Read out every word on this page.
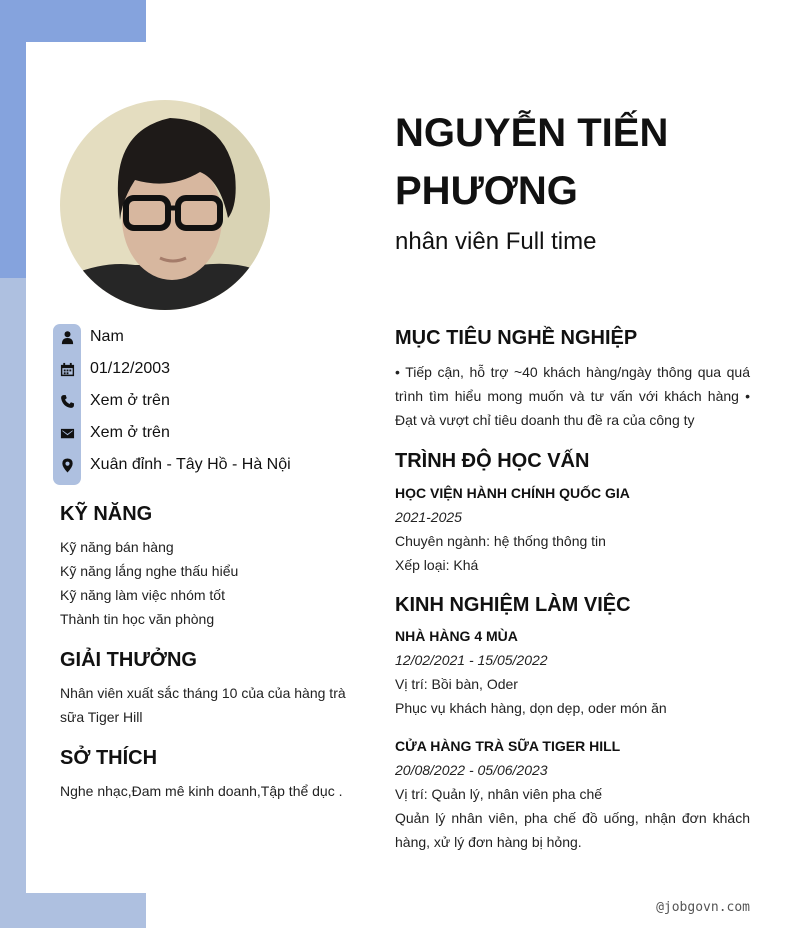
NGUYỄN TIẾN PHƯƠNG
nhân viên Full time
Nam
01/12/2003
Xem ở trên
Xem ở trên
Xuân đỉnh - Tây Hồ - Hà Nội
KỸ NĂNG
Kỹ năng bán hàng
Kỹ năng lắng nghe thấu hiểu
Kỹ năng làm việc nhóm tốt
Thành tin học văn phòng
GIẢI THƯỞNG
Nhân viên xuất sắc tháng 10 của của hàng trà sữa Tiger Hill
SỞ THÍCH
Nghe nhạc,Đam mê kinh doanh,Tập thể dục .
MỤC TIÊU NGHỀ NGHIỆP
• Tiếp cận, hỗ trợ ~40 khách hàng/ngày thông qua quá trình tìm hiểu mong muốn và tư vấn với khách hàng • Đạt và vượt chỉ tiêu doanh thu đề ra của công ty
TRÌNH ĐỘ HỌC VẤN
HỌC VIỆN HÀNH CHÍNH QUỐC GIA
2021-2025
Chuyên ngành: hệ thống thông tin
Xếp loại: Khá
KINH NGHIỆM LÀM VIỆC
NHÀ HÀNG 4 MÙA
12/02/2021 - 15/05/2022
Vị trí: Bồi bàn, Oder
Phục vụ khách hàng, dọn dẹp, oder món ăn
CỬA HÀNG TRÀ SỮA TIGER HILL
20/08/2022 - 05/06/2023
Vị trí: Quản lý, nhân viên pha chế
Quản lý nhân viên, pha chế đồ uống, nhận đơn khách hàng, xử lý đơn hàng bị hỏng.
@jobgovn.com
